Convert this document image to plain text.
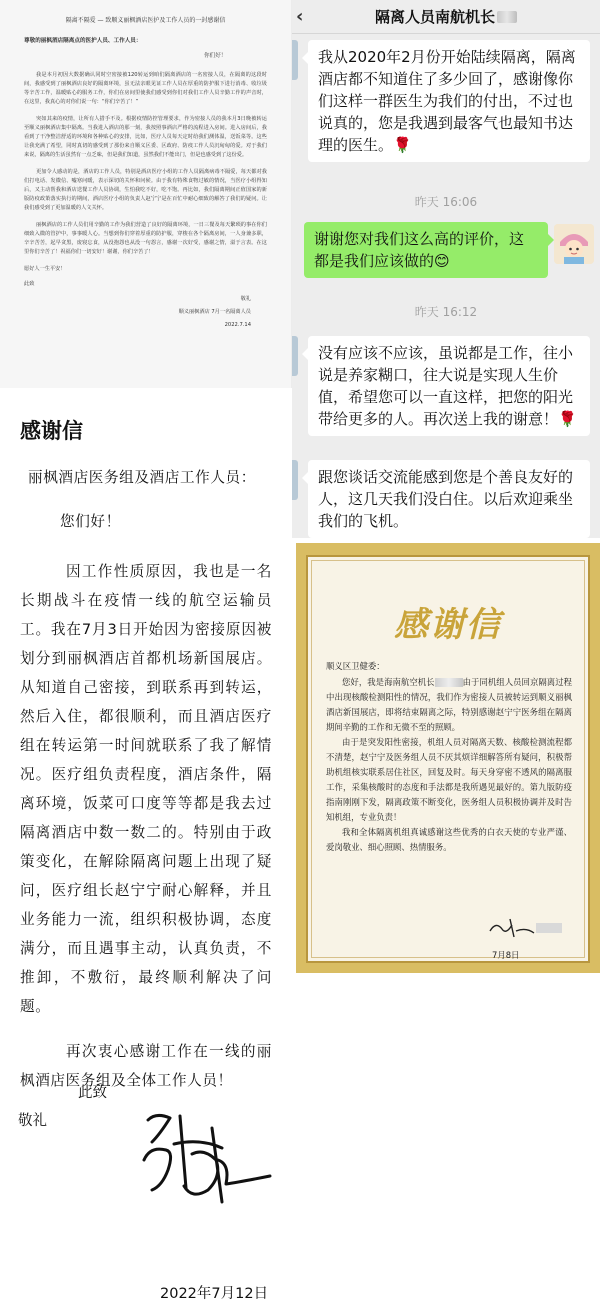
隔离不隔爱 — 致顺义丽枫酒店医护及工作人员的一封感谢信
尊敬的丽枫酒店隔离点的医护人员、工作人员：
你们好！

我是本月初因大数据确认同时空密接被120转运到咱们隔离酒店的一名密接人员，在隔离的这段时间，我感受到了丽枫酒店良好的隔离环境，虽无法亲眼见证工作人员在厚重的防护服下进行消毒、收垃圾等辛苦工作，温暖贴心的服务工作，你们在房间里使我们感受到你们对我们工作人员辛勤工作的声音时，在这里，我真心的对你们说一句：“你们辛苦了！”

突如其来的疫情，让所有人措手不及。根据疫情防控管理要求，作为密接人员的我本月3日晚被转运至顺义丽枫酒店集中隔离。当我进入酒店的那一刻，我按照事酒店严格的流程进入房间。进入房间后，我看到了干净整洁舒适的环境和各种贴心的安排，比如，医疗人员每天定时给我们测体温，送饭菜等。这些让我充满了希望，同时真切的感受到了那份来自顺义区委、区政府、防疫工作人员沉甸甸的爱。对于我们来说，隔离的生活虽然有一点乏味，但是我们知道，虽然我们不能出门，但是也感受到了这份爱。

更加令人感动的是，酒店的工作人员，特别是酒店医疗小组的工作人员隔离病毒不隔爱，每天都对我们打电话、发微信、嘘寒问暖，表示深切的关怀和问候。由于我有特殊食物过敏的情况，当医疗小组得知后，又主动帮我和酒店送餐工作人员协调，生怕我吃不好，吃不饱。再比如，我们隔离期间正值国家的新版防疫政策落实执行的期间，酒店医疗小组的负责人赵宁宁是在百忙中耐心细致的解答了我们的疑问。让我们感受到了更加温暖的人文关怀。

丽枫酒店的工作人员们用辛勤的工作为我们营造了良好的隔离环境，一日三餐及每天繁琐的事在你们细致入微的管护中，事事暖人心。当想到你们穿着厚重的防护服，穿梭在各个隔离房间，一人身兼多职，辛辛苦苦，起早贪黑，废寝忘食，从没抱怨也从没一句怨言，感谢一次好受，感谢之情，溢于言表。在这里你们辛苦了！祝福你们一切安好！谢谢，你们辛苦了！

愿好人一生平安！
此致
敬礼
顺义丽枫酒店 7月一名隔离人员
2022.7.14
‹	隔离人员南航机长
我从2020年2月份开始陆续隔离，隔离酒店都不知道住了多少回了，感谢像你们这样一群医生为我们的付出，不过也说真的，您是我遇到最客气也最知书达理的医生。🌹
昨天 16:06
谢谢您对我们这么高的评价，这都是我们应该做的😊
昨天 16:12
没有应该不应该，虽说都是工作，往小说是养家糊口，往大说是实现人生价值，希望您可以一直这样，把您的阳光带给更多的人。再次送上我的谢意！🌹
跟您谈话交流能感到您是个善良友好的人，这几天我们没白住。以后欢迎乘坐我们的飞机。
感谢信
丽枫酒店医务组及酒店工作人员：
您们好！
因工作性质原因，我也是一名长期战斗在疫情一线的航空运输员工。我在7月3日开始因为密接原因被划分到丽枫酒店首都机场新国展店。从知道自己密接，到联系再到转运，然后入住，都很顺利，而且酒店医疗组在转运第一时间就联系了我了解情况。医疗组负责程度，酒店条件，隔离环境，饭菜可口度等等都是我去过隔离酒店中数一数二的。特别由于政策变化，在解除隔离问题上出现了疑问，医疗组长赵宁宁耐心解释，并且业务能力一流，组织积极协调，态度满分，而且遇事主动，认真负责，不推卸，不敷衍，最终顺利解决了问题。
再次衷心感谢工作在一线的丽枫酒店医务组及全体工作人员！
此致
敬礼
2022年7月12日
感谢信
顺义区卫健委：
您好，我是海南航空机长	由于同机组人员回京隔离过程中出现核酸检测阳性的情况，我们作为密接人员被转运到顺义丽枫酒店新国展店，即将结束隔离之际，特别感谢赵宁宁医务组在隔离期间辛勤的工作和无微不至的照顾。
由于是突发阳性密接，机组人员对隔离天数、核酸检测流程都不清楚，赵宁宁及医务组人员不厌其烦详细解答所有疑问，积极帮助机组核实联系居住社区，回复及时。每天身穿密不透风的隔离服工作，采集核酸时的态度和手法都是我所遇见最好的。第九版防疫指南刚刚下发，隔离政策不断变化，医务组人员积极协调并及时告知机组，专业负责！
我和全体隔离机组真诚感谢这些优秀的白衣天使的专业严谨、爱岗敬业、细心照顾、热情服务。
7月8日
